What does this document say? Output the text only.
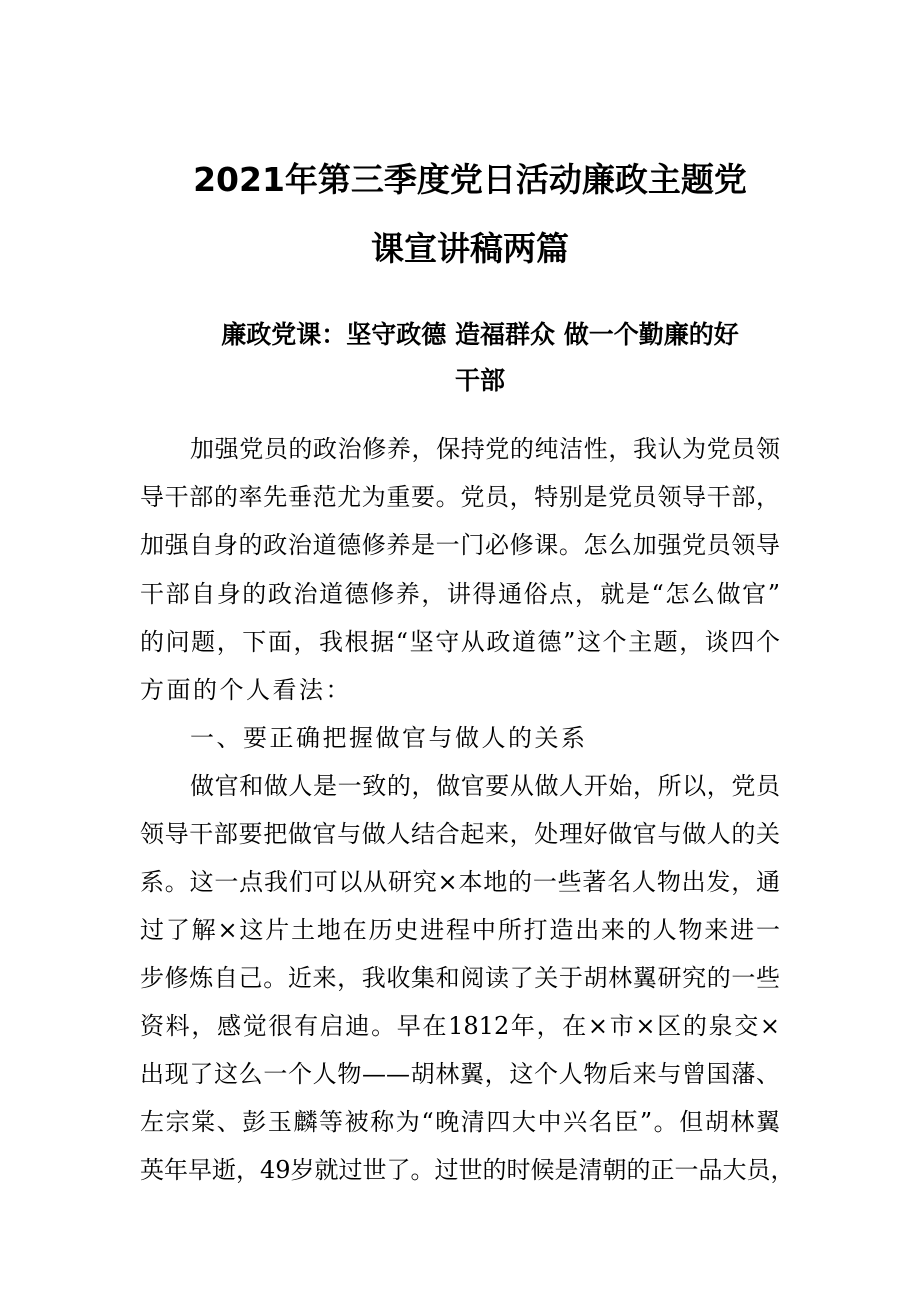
2021年第三季度党日活动廉政主题党
课宣讲稿两篇
廉政党课：坚守政德 造福群众 做一个勤廉的好
干部
加强党员的政治修养，保持党的纯洁性，我认为党员领
导干部的率先垂范尤为重要。党员，特别是党员领导干部，
加强自身的政治道德修养是一门必修课。怎么加强党员领导
干部自身的政治道德修养，讲得通俗点，就是“怎么做官”
的问题，下面，我根据“坚守从政道德”这个主题，谈四个
方面的个人看法：
一、要正确把握做官与做人的关系
做官和做人是一致的，做官要从做人开始，所以，党员
领导干部要把做官与做人结合起来，处理好做官与做人的关
系。这一点我们可以从研究×本地的一些著名人物出发，通
过了解×这片土地在历史进程中所打造出来的人物来进一
步修炼自己。近来，我收集和阅读了关于胡林翼研究的一些
资料，感觉很有启迪。早在1812年，在×市×区的泉交×
出现了这么一个人物——胡林翼，这个人物后来与曾国藩、
左宗棠、彭玉麟等被称为“晚清四大中兴名臣”。但胡林翼
英年早逝，49岁就过世了。过世的时候是清朝的正一品大员，
